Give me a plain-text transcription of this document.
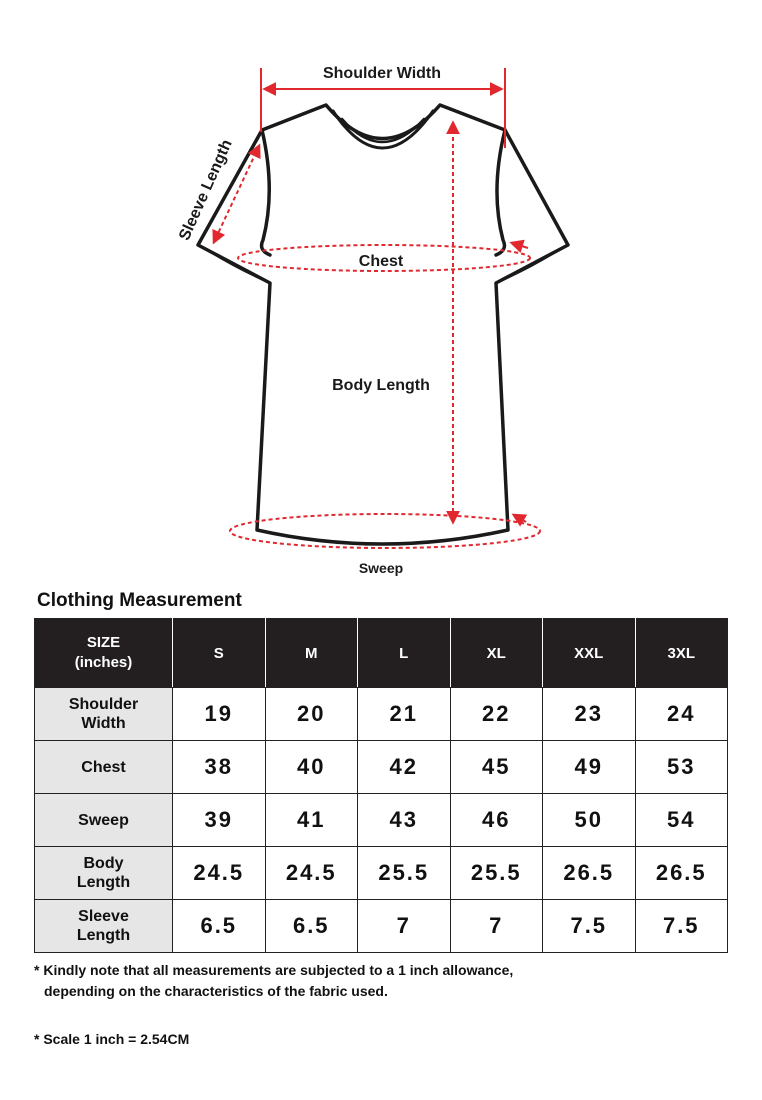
Shoulder Width
Sleeve Length
Chest
Body Length
Sweep
Clothing Measurement
SIZE
(inches)	S	M	L	XL	XXL	3XL

Shoulder
Width	19	20	21	22	23	24

Chest	38	40	42	45	49	53

Sweep	39	41	43	46	50	54

Body
Length	24.5	24.5	25.5	25.5	26.5	26.5

Sleeve
Length	6.5	6.5	7	7	7.5	7.5

* Kindly note that all measurements are subjected to a 1 inch allowance,
depending on the characteristics of the fabric used.

* Scale 1 inch = 2.54CM
